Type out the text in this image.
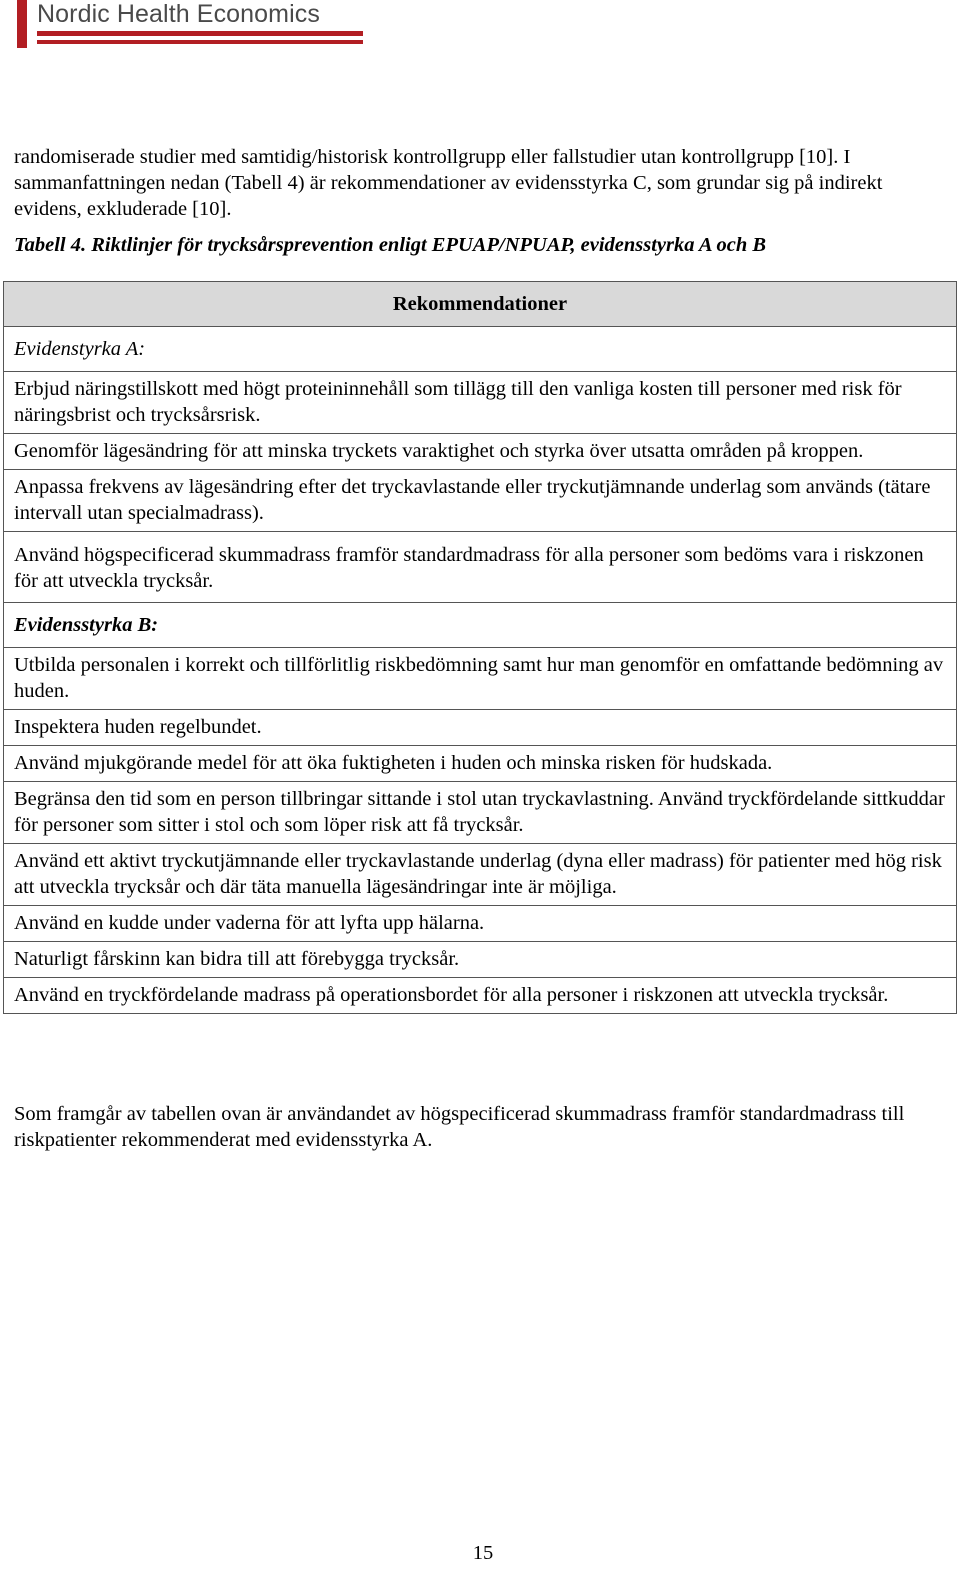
Nordic Health Economics

randomiserade studier med samtidig/historisk kontrollgrupp eller fallstudier utan kontrollgrupp [10]. I sammanfattningen nedan (Tabell 4) är rekommendationer av evidensstyrka C, som grundar sig på indirekt evidens, exkluderade [10].

Tabell 4. Riktlinjer för trycksårsprevention enligt EPUAP/NPUAP, evidensstyrka A och B

Rekommendationer
Evidenstyrka A:
Erbjud näringstillskott med högt proteininnehåll som tillägg till den vanliga kosten till personer med risk för näringsbrist och trycksårsrisk.
Genomför lägesändring för att minska tryckets varaktighet och styrka över utsatta områden på kroppen.
Anpassa frekvens av lägesändring efter det tryckavlastande eller tryckutjämnande underlag som används (tätare intervall utan specialmadrass).
Använd högspecificerad skummadrass framför standardmadrass för alla personer som bedöms vara i riskzonen för att utveckla trycksår.
Evidensstyrka B:
Utbilda personalen i korrekt och tillförlitlig riskbedömning samt hur man genomför en omfattande bedömning av huden.
Inspektera huden regelbundet.
Använd mjukgörande medel för att öka fuktigheten i huden och minska risken för hudskada.
Begränsa den tid som en person tillbringar sittande i stol utan tryckavlastning. Använd tryckfördelande sittkuddar för personer som sitter i stol och som löper risk att få trycksår.
Använd ett aktivt tryckutjämnande eller tryckavlastande underlag (dyna eller madrass) för patienter med hög risk att utveckla trycksår och där täta manuella lägesändringar inte är möjliga.
Använd en kudde under vaderna för att lyfta upp hälarna.
Naturligt fårskinn kan bidra till att förebygga trycksår.
Använd en tryckfördelande madrass på operationsbordet för alla personer i riskzonen att utveckla trycksår.

Som framgår av tabellen ovan är användandet av högspecificerad skummadrass framför standardmadrass till riskpatienter rekommenderat med evidensstyrka A.

15
